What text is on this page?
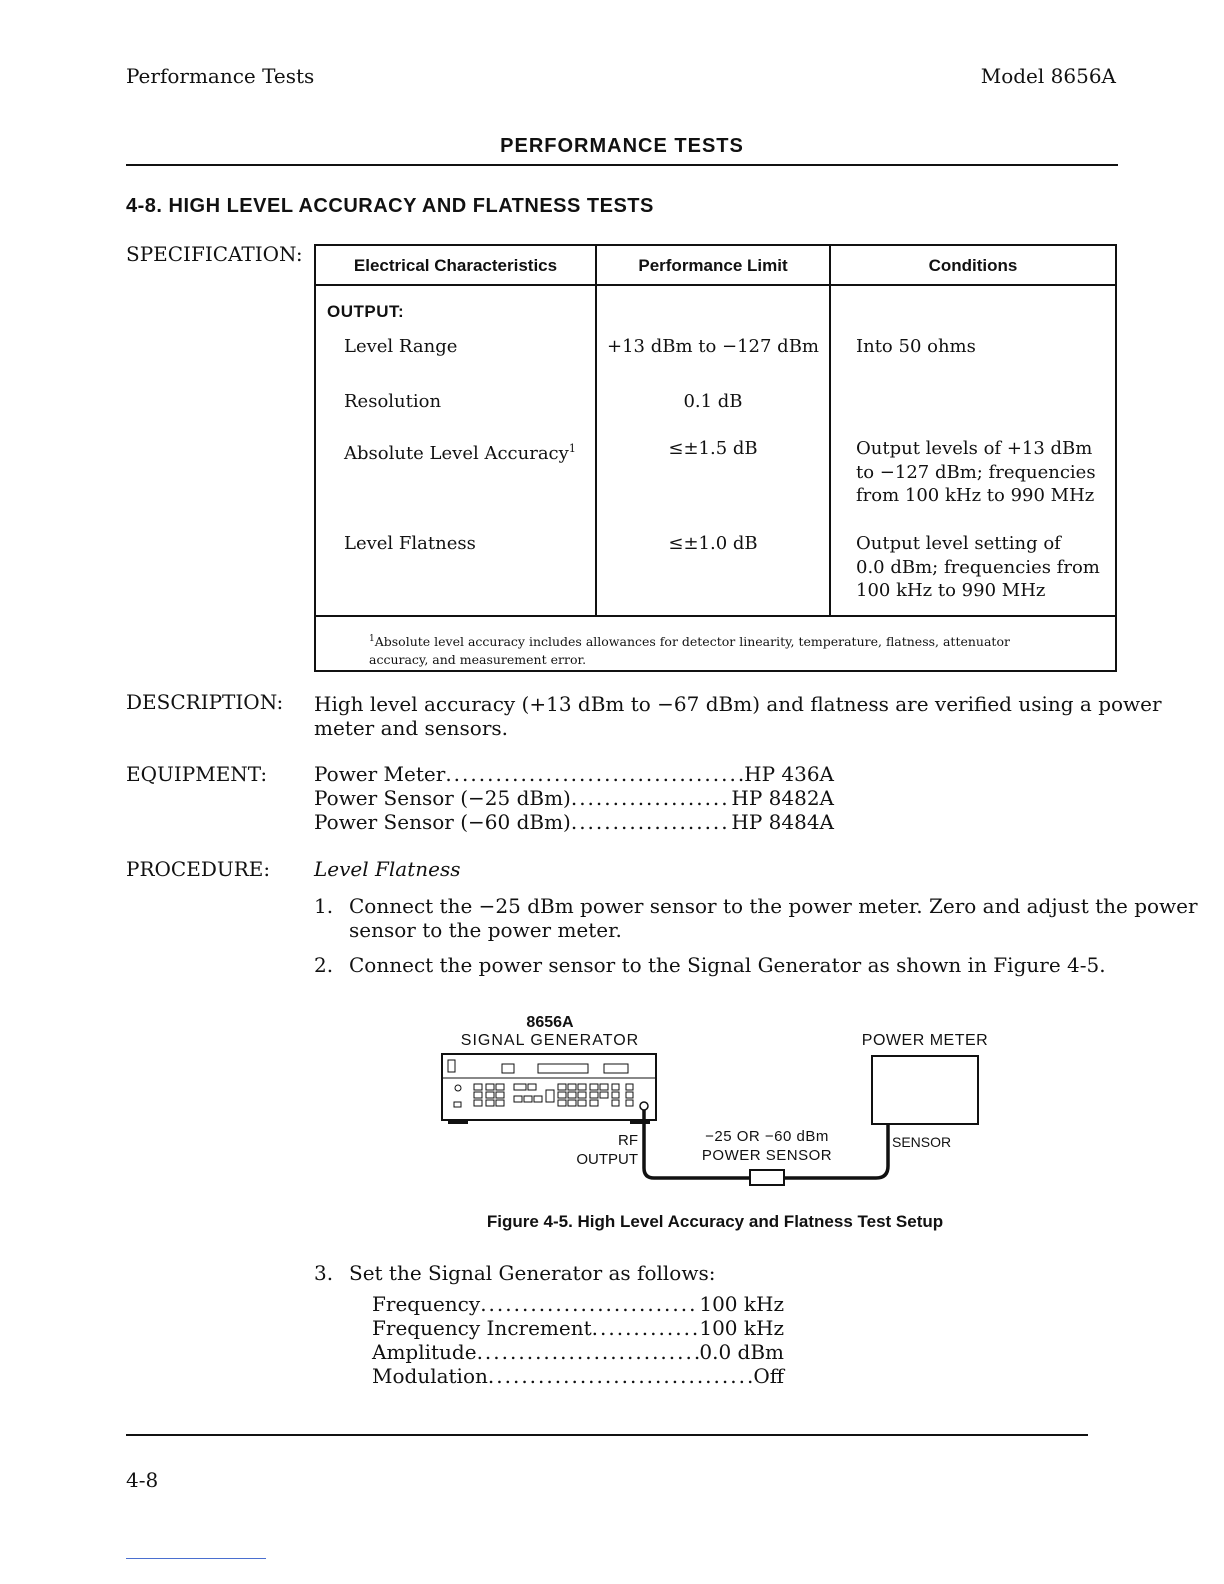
Performance Tests	Model 8656A
PERFORMANCE TESTS
4-8. HIGH LEVEL ACCURACY AND FLATNESS TESTS
SPECIFICATION:	Electrical Characteristics	Performance Limit	Conditions
OUTPUT:
Level Range	+13 dBm to −127 dBm	Into 50 ohms
Resolution	0.1 dB
Absolute Level Accuracy$^1$	≤±1.5 dB	Output levels of +13 dBm
to −127 dBm; frequencies
from 100 kHz to 990 MHz
Level Flatness	≤±1.0 dB	Output level setting of
0.0 dBm; frequencies from
100 kHz to 990 MHz
$^1$Absolute level accuracy includes allowances for detector linearity, temperature, flatness, attenuator
accuracy, and measurement error.
DESCRIPTION: High level accuracy (+13 dBm to −67 dBm) and flatness are verified using a power
meter and sensors.
EQUIPMENT: Power Meter .....	HP 436A
Power Sensor (−25 dBm) .....	HP 8482A
Power Sensor (−60 dBm) .....	HP 8484A
PROCEDURE: Level Flatness
1. Connect the −25 dBm power sensor to the power meter. Zero and adjust the power
sensor to the power meter.
2. Connect the power sensor to the Signal Generator as shown in Figure 4-5.
8656A
SIGNAL GENERATOR	POWER METER
RF
OUTPUT
−25 OR −60 dBm
POWER SENSOR
SENSOR
Figure 4-5. High Level Accuracy and Flatness Test Setup
3. Set the Signal Generator as follows:
Frequency .....	100 kHz
Frequency Increment .....	100 kHz
Amplitude .....	0.0 dBm
Modulation .....	Off
4-8
